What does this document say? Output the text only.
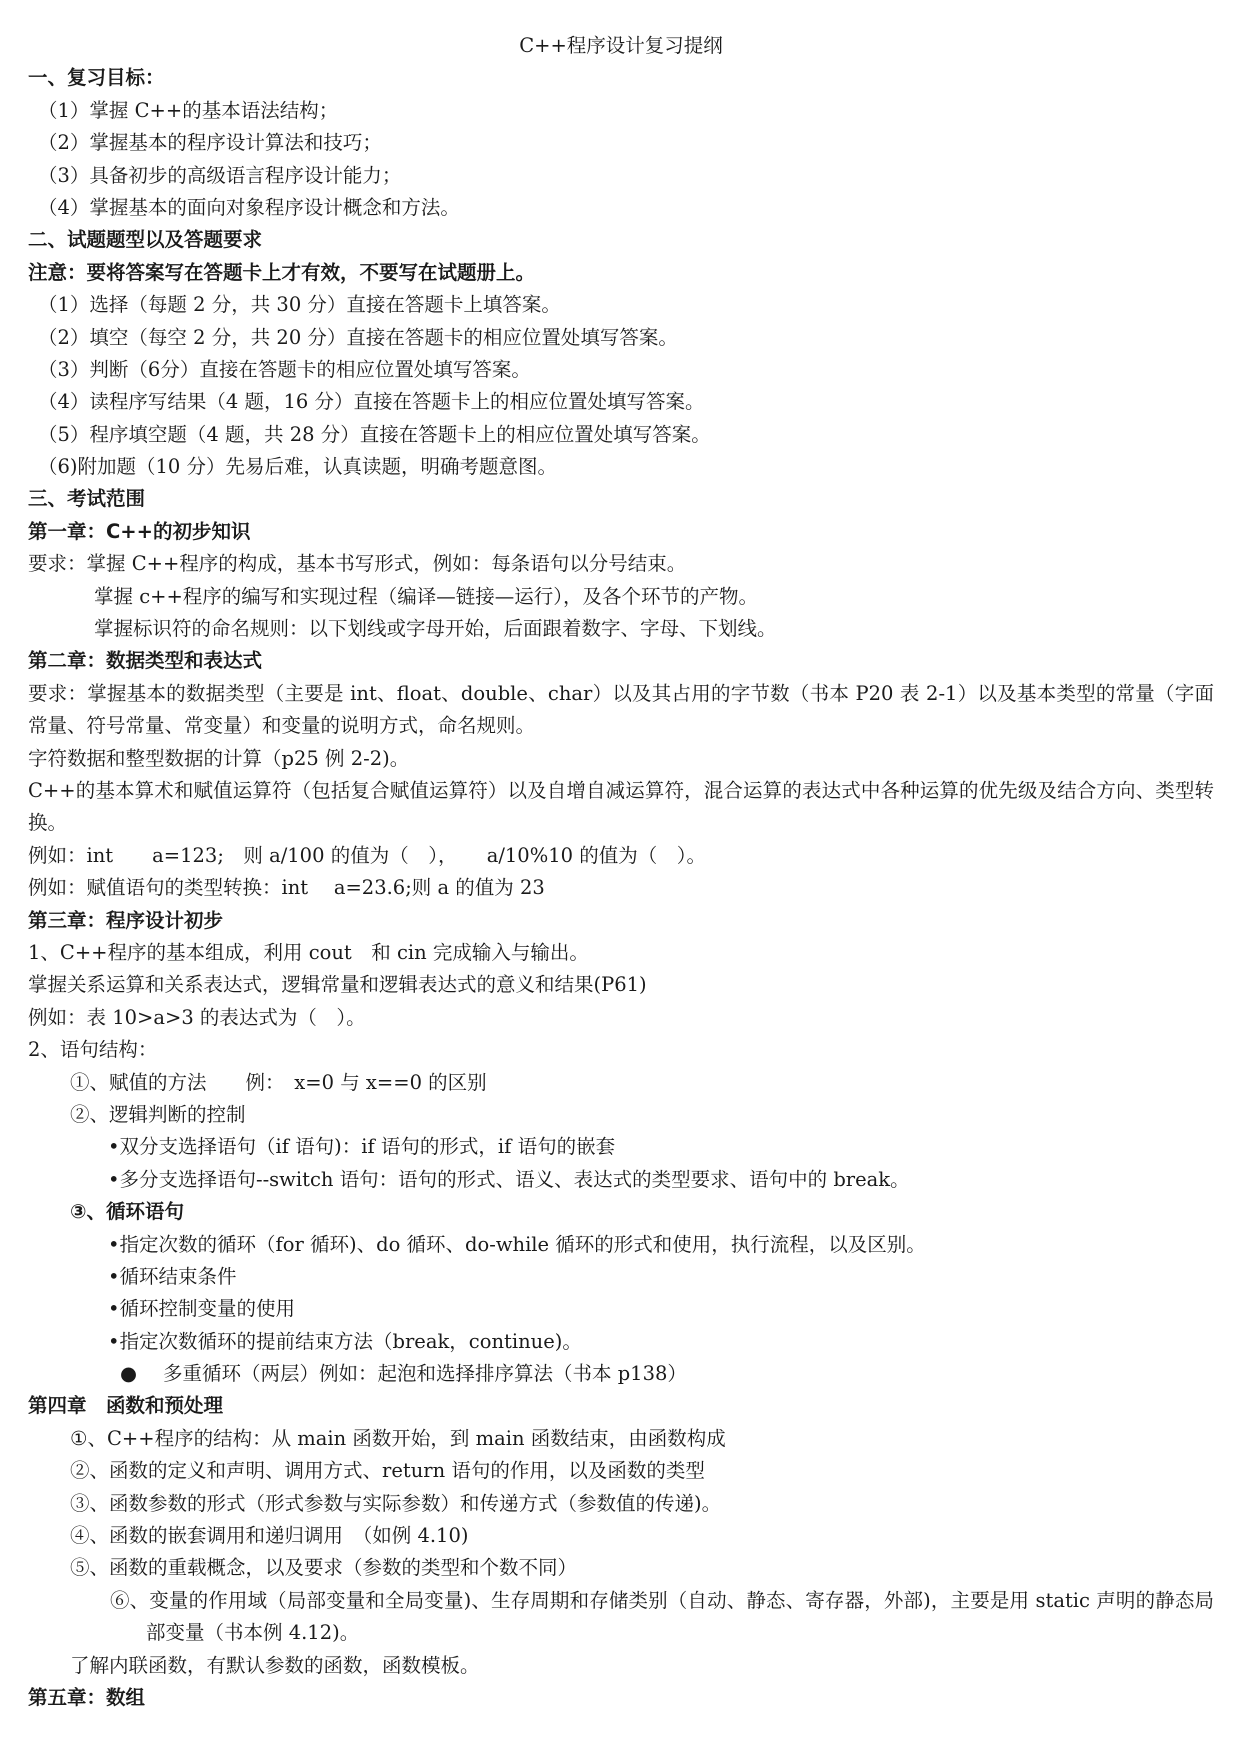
C++程序设计复习提纲
一、复习目标：
（1）掌握 C++的基本语法结构；
（2）掌握基本的程序设计算法和技巧；
（3）具备初步的高级语言程序设计能力；
（4）掌握基本的面向对象程序设计概念和方法。
二、试题题型以及答题要求
注意：要将答案写在答题卡上才有效，不要写在试题册上。
（1）选择（每题 2 分，共 30 分）直接在答题卡上填答案。
（2）填空（每空 2 分，共 20 分）直接在答题卡的相应位置处填写答案。
（3）判断（6分）直接在答题卡的相应位置处填写答案。
（4）读程序写结果（4 题，16 分）直接在答题卡上的相应位置处填写答案。
（5）程序填空题（4 题，共 28 分）直接在答题卡上的相应位置处填写答案。
（6)附加题（10 分）先易后难，认真读题，明确考题意图。
三、考试范围
第一章：C++的初步知识
要求：掌握 C++程序的构成，基本书写形式，例如：每条语句以分号结束。
掌握 c++程序的编写和实现过程（编译—链接—运行），及各个环节的产物。
掌握标识符的命名规则：以下划线或字母开始，后面跟着数字、字母、下划线。
第二章：数据类型和表达式
要求：掌握基本的数据类型（主要是 int、float、double、char）以及其占用的字节数（书本 P20 表 2-1）以及基本类型的常量（字面常量、符号常量、常变量）和变量的说明方式，命名规则。
字符数据和整型数据的计算（p25 例 2-2)。
C++的基本算术和赋值运算符（包括复合赋值运算符）以及自增自减运算符，混合运算的表达式中各种运算的优先级及结合方向、类型转换。
例如：int　　a=123;　则 a/100 的值为（　），　　a/10%10 的值为（　）。
例如：赋值语句的类型转换：int　 a=23.6;则 a 的值为 23
第三章：程序设计初步
1、C++程序的基本组成，利用 cout　和 cin 完成输入与输出。
掌握关系运算和关系表达式，逻辑常量和逻辑表达式的意义和结果(P61)
例如：表 10>a>3 的表达式为（　）。
2、语句结构：
①、赋值的方法　　例：　x=0 与 x==0 的区别
②、逻辑判断的控制
•双分支选择语句（if 语句)：if 语句的形式，if 语句的嵌套
•多分支选择语句--switch 语句：语句的形式、语义、表达式的类型要求、语句中的 break。
③、循环语句
•指定次数的循环（for 循环)、do 循环、do-while 循环的形式和使用，执行流程，以及区别。
•循环结束条件
•循环控制变量的使用
•指定次数循环的提前结束方法（break，continue)。
● 多重循环（两层）例如：起泡和选择排序算法（书本 p138）
第四章　函数和预处理
①、C++程序的结构：从 main 函数开始，到 main 函数结束，由函数构成
②、函数的定义和声明、调用方式、return 语句的作用，以及函数的类型
③、函数参数的形式（形式参数与实际参数）和传递方式（参数值的传递)。
④、函数的嵌套调用和递归调用　（如例 4.10)
⑤、函数的重载概念，以及要求（参数的类型和个数不同）
⑥、变量的作用域（局部变量和全局变量)、生存周期和存储类别（自动、静态、寄存器，外部)，主要是用 static 声明的静态局部变量（书本例 4.12)。
了解内联函数，有默认参数的函数，函数模板。
第五章：数组
